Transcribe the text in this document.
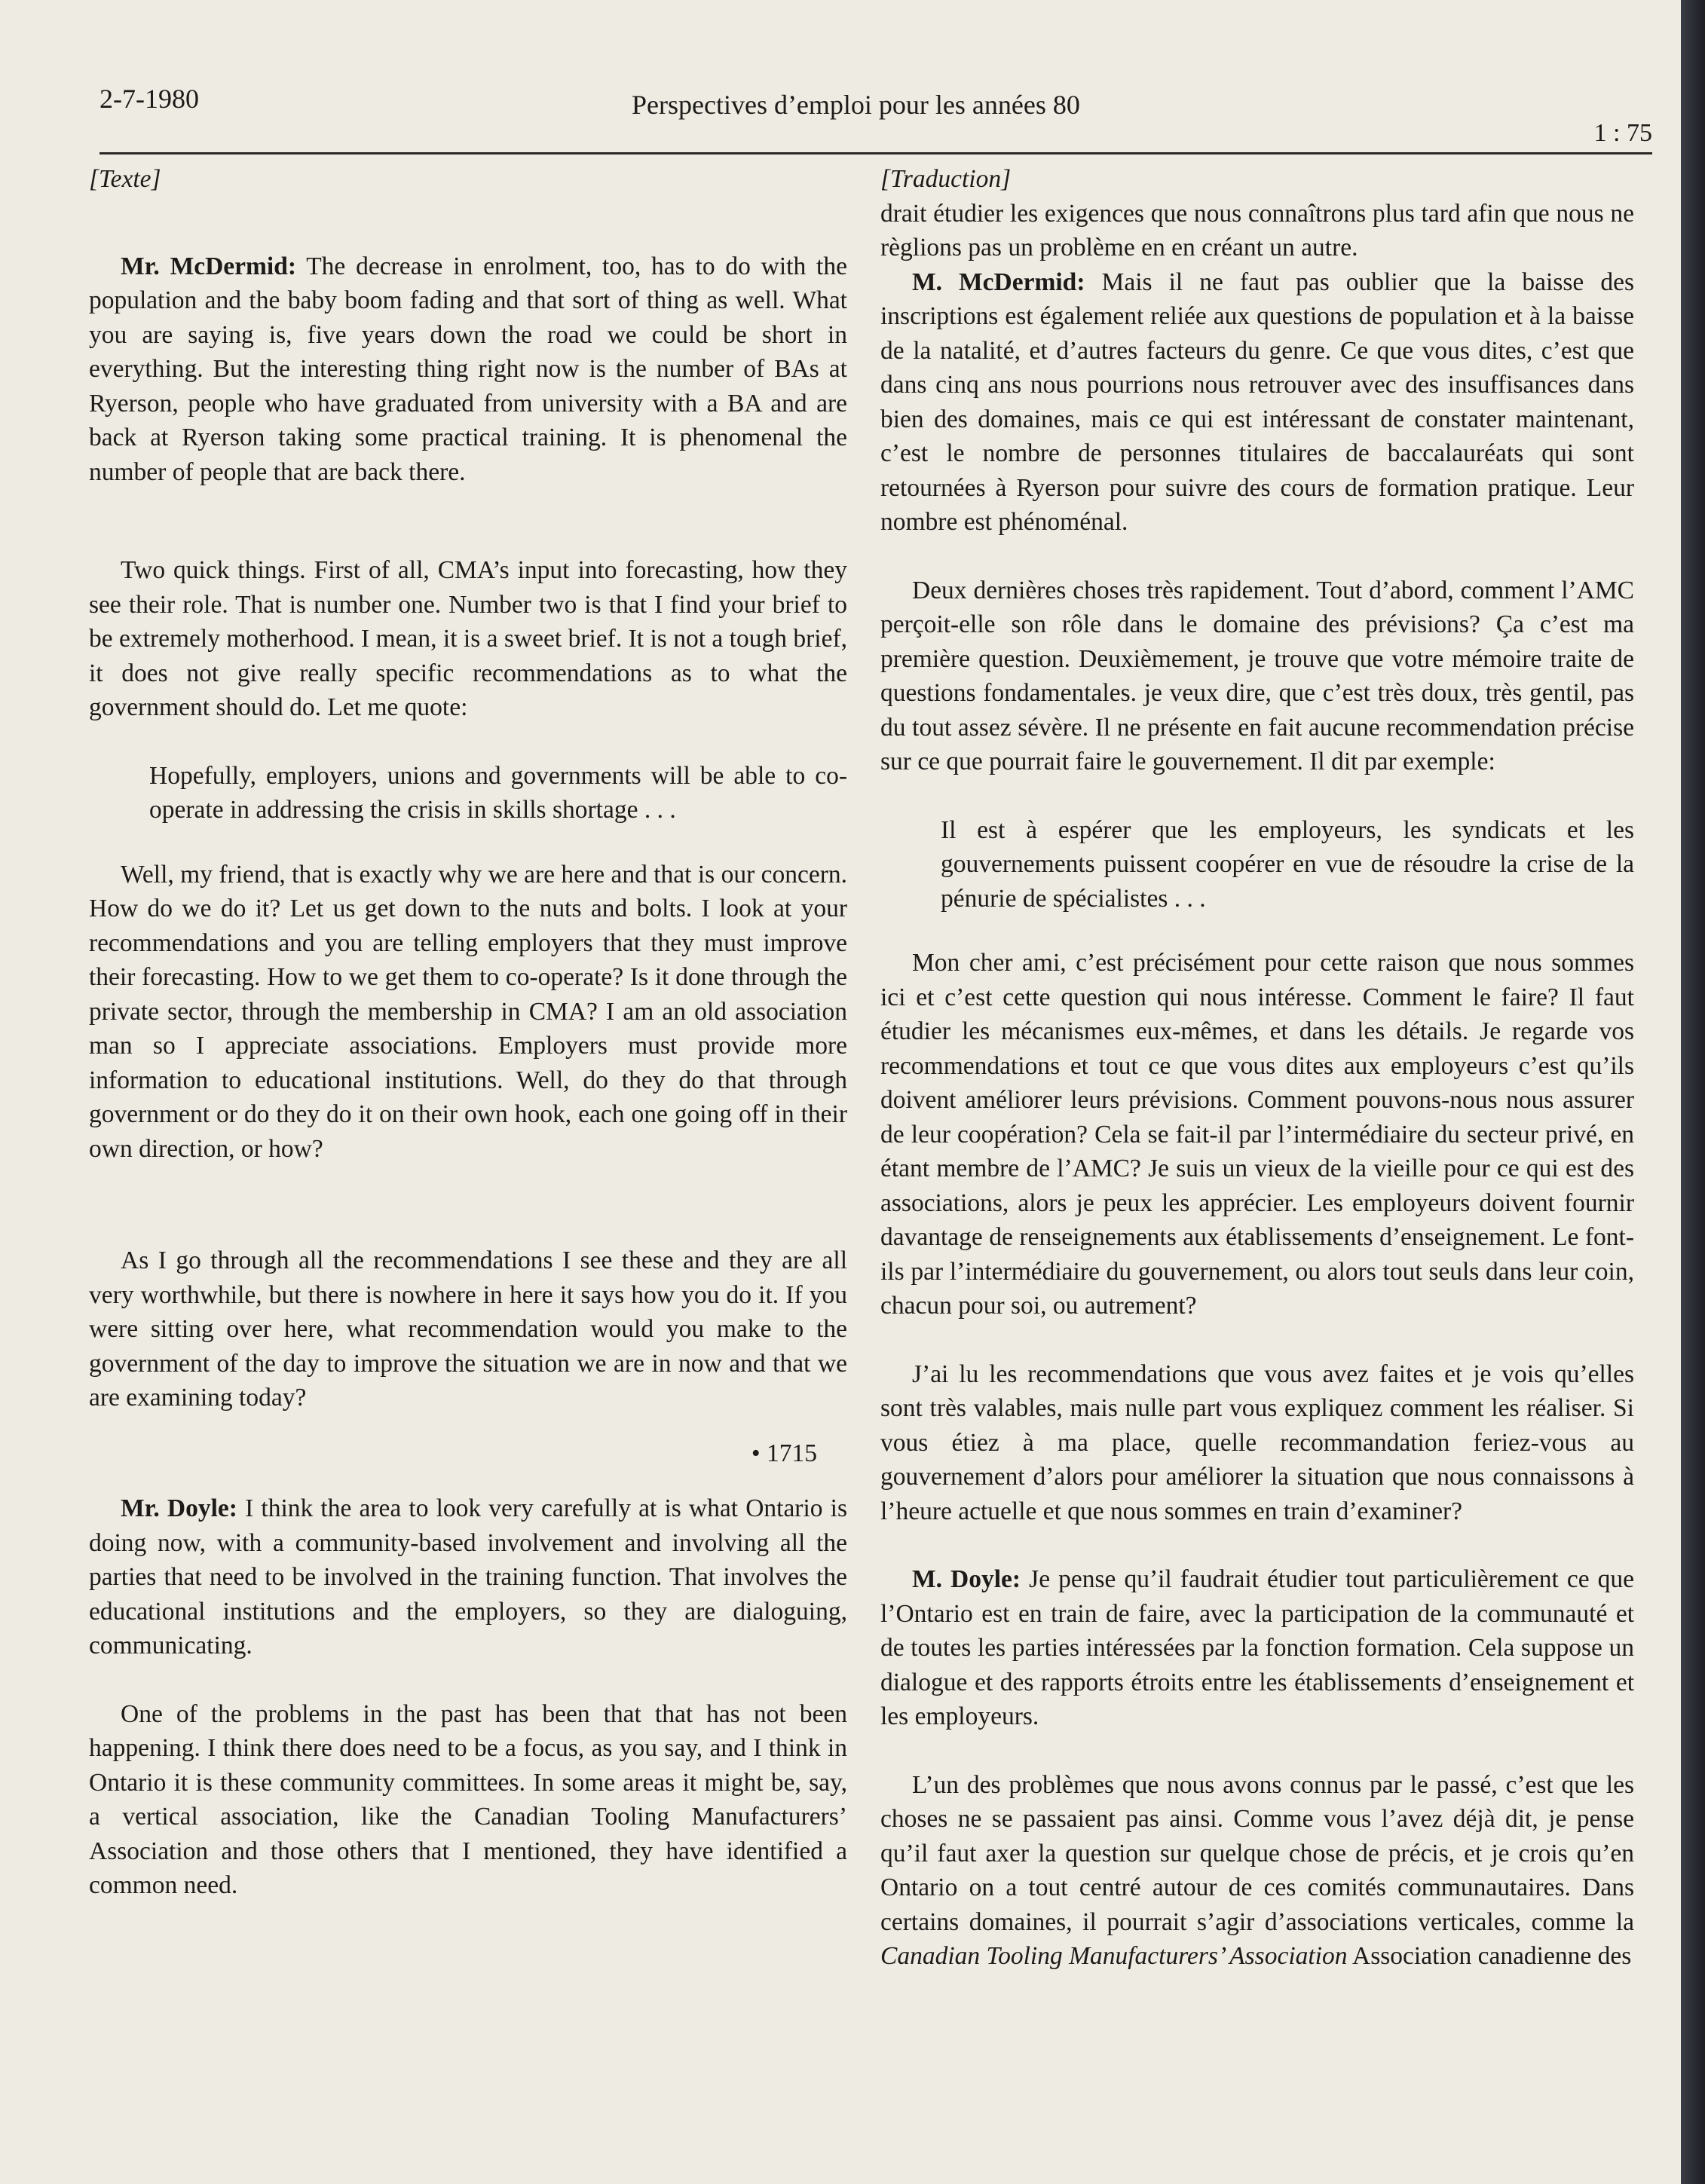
2-7-1980	Perspectives d’emploi pour les années 80
1 : 75

[Texte]

Mr. McDermid: The decrease in enrolment, too, has to do with the population and the baby boom fading and that sort of thing as well. What you are saying is, five years down the road we could be short in everything. But the interesting thing right now is the number of BAs at Ryerson, people who have graduated from university with a BA and are back at Ryerson taking some practical training. It is phenomenal the number of people that are back there.

Two quick things. First of all, CMA’s input into forecasting, how they see their role. That is number one. Number two is that I find your brief to be extremely motherhood. I mean, it is a sweet brief. It is not a tough brief, it does not give really specific recommendations as to what the government should do. Let me quote:

Hopefully, employers, unions and governments will be able to co-operate in addressing the crisis in skills shortage . . .

Well, my friend, that is exactly why we are here and that is our concern. How do we do it? Let us get down to the nuts and bolts. I look at your recommendations and you are telling employers that they must improve their forecasting. How to we get them to co-operate? Is it done through the private sector, through the membership in CMA? I am an old association man so I appreciate associations. Employers must provide more information to educational institutions. Well, do they do that through government or do they do it on their own hook, each one going off in their own direction, or how?

As I go through all the recommendations I see these and they are all very worthwhile, but there is nowhere in here it says how you do it. If you were sitting over here, what recommendation would you make to the government of the day to improve the situation we are in now and that we are examining today?

• 1715

Mr. Doyle: I think the area to look very carefully at is what Ontario is doing now, with a community-based involvement and involving all the parties that need to be involved in the training function. That involves the educational institutions and the employers, so they are dialoguing, communicating.

One of the problems in the past has been that that has not been happening. I think there does need to be a focus, as you say, and I think in Ontario it is these community committees. In some areas it might be, say, a vertical association, like the Canadian Tooling Manufacturers’ Association and those others that I mentioned, they have identified a common need.

[Traduction]

drait étudier les exigences que nous connaîtrons plus tard afin que nous ne règlions pas un problème en en créant un autre.

M. McDermid: Mais il ne faut pas oublier que la baisse des inscriptions est également reliée aux questions de population et à la baisse de la natalité, et d’autres facteurs du genre. Ce que vous dites, c’est que dans cinq ans nous pourrions nous retrouver avec des insuffisances dans bien des domaines, mais ce qui est intéressant de constater maintenant, c’est le nombre de personnes titulaires de baccalauréats qui sont retournées à Ryerson pour suivre des cours de formation pratique. Leur nombre est phénoménal.

Deux dernières choses très rapidement. Tout d’abord, comment l’AMC perçoit-elle son rôle dans le domaine des prévisions? Ça c’est ma première question. Deuxièmement, je trouve que votre mémoire traite de questions fondamentales. je veux dire, que c’est très doux, très gentil, pas du tout assez sévère. Il ne présente en fait aucune recommendation précise sur ce que pourrait faire le gouvernement. Il dit par exemple:

Il est à espérer que les employeurs, les syndicats et les gouvernements puissent coopérer en vue de résoudre la crise de la pénurie de spécialistes . . .

Mon cher ami, c’est précisément pour cette raison que nous sommes ici et c’est cette question qui nous intéresse. Comment le faire? Il faut étudier les mécanismes eux-mêmes, et dans les détails. Je regarde vos recommendations et tout ce que vous dites aux employeurs c’est qu’ils doivent améliorer leurs prévisions. Comment pouvons-nous nous assurer de leur coopération? Cela se fait-il par l’intermédiaire du secteur privé, en étant membre de l’AMC? Je suis un vieux de la vieille pour ce qui est des associations, alors je peux les apprécier. Les employeurs doivent fournir davantage de renseignements aux établissements d’enseignement. Le font-ils par l’intermédiaire du gouvernement, ou alors tout seuls dans leur coin, chacun pour soi, ou autrement?

J’ai lu les recommendations que vous avez faites et je vois qu’elles sont très valables, mais nulle part vous expliquez comment les réaliser. Si vous étiez à ma place, quelle recommandation feriez-vous au gouvernement d’alors pour améliorer la situation que nous connaissons à l’heure actuelle et que nous sommes en train d’examiner?

M. Doyle: Je pense qu’il faudrait étudier tout particulièrement ce que l’Ontario est en train de faire, avec la participation de la communauté et de toutes les parties intéressées par la fonction formation. Cela suppose un dialogue et des rapports étroits entre les établissements d’enseignement et les employeurs.

L’un des problèmes que nous avons connus par le passé, c’est que les choses ne se passaient pas ainsi. Comme vous l’avez déjà dit, je pense qu’il faut axer la question sur quelque chose de précis, et je crois qu’en Ontario on a tout centré autour de ces comités communautaires. Dans certains domaines, il pourrait s’agir d’associations verticales, comme la Canadian Tooling Manufacturers’ Association Association canadienne des
